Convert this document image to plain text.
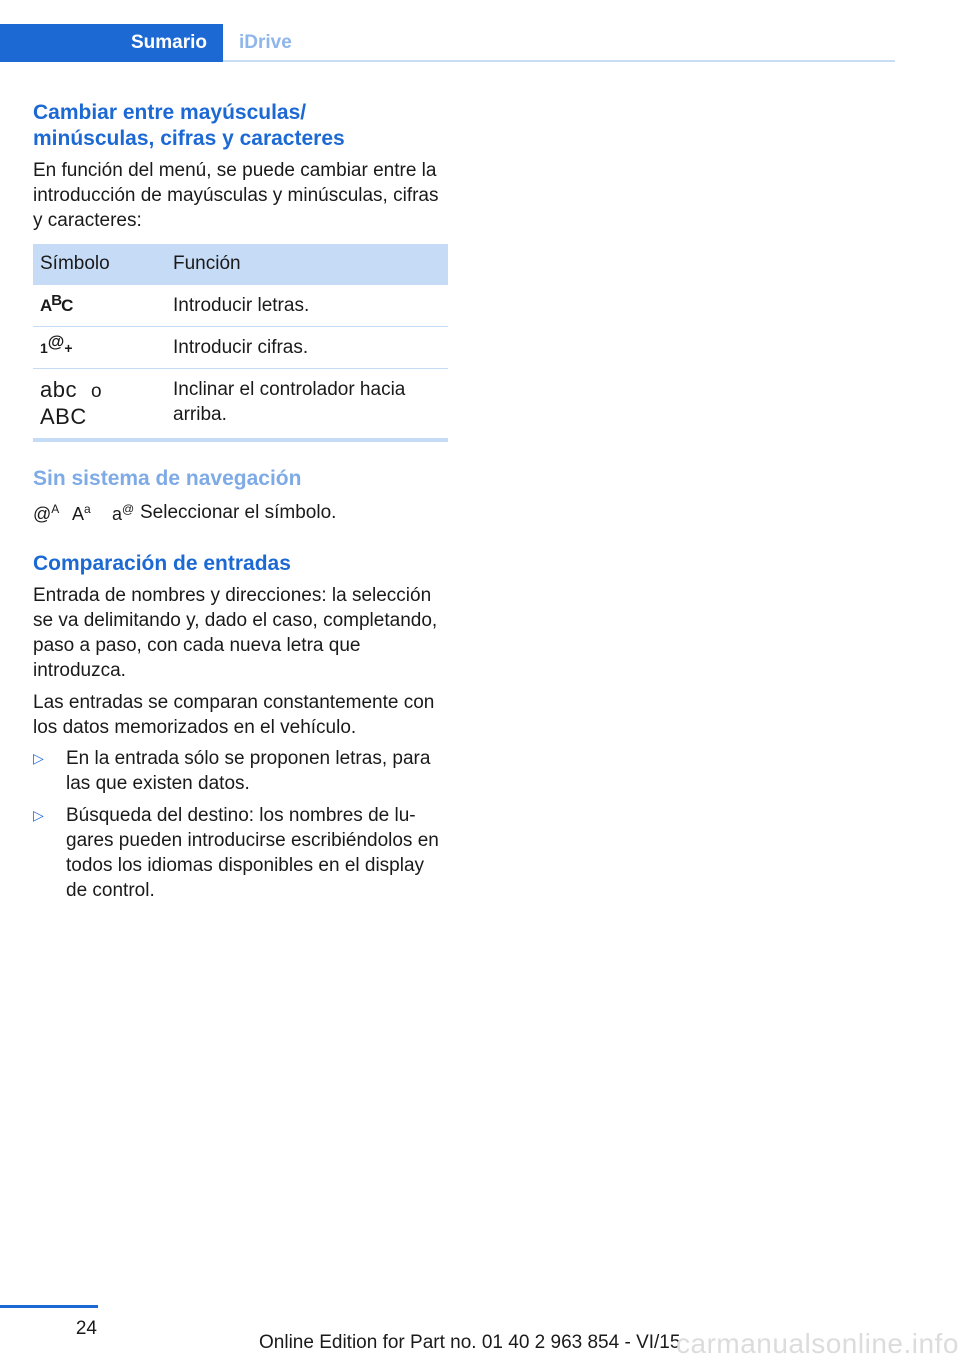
Sumario	iDrive
Cambiar entre mayúsculas/
minúsculas, cifras y caracteres

En función del menú, se puede cambiar entre la introducción de mayúsculas y minúsculas, cifras y caracteres:

Símbolo	Función
ABC	Introducir letras.
1@+	Introducir cifras.
abc o
ABC	Inclinar el controlador hacia arriba.
Sin sistema de navegación
@$^A$ $A^a$	a@ Seleccionar el símbolo.
Comparación de entradas

Entrada de nombres y direcciones: la selección se va delimitando y, dado el caso, completando, paso a paso, con cada nueva letra que introduzca.

Las entradas se comparan constantemente con los datos memorizados en el vehículo.

▷ En la entrada sólo se proponen letras, para las que existen datos.
▷ Búsqueda del destino: los nombres de lugares pueden introducirse escribiéndolos en todos los idiomas disponibles en el display de control.
24
Online Edition for Part no. 01 40 2 963 854 - VI/15
carmanualsonline.info
